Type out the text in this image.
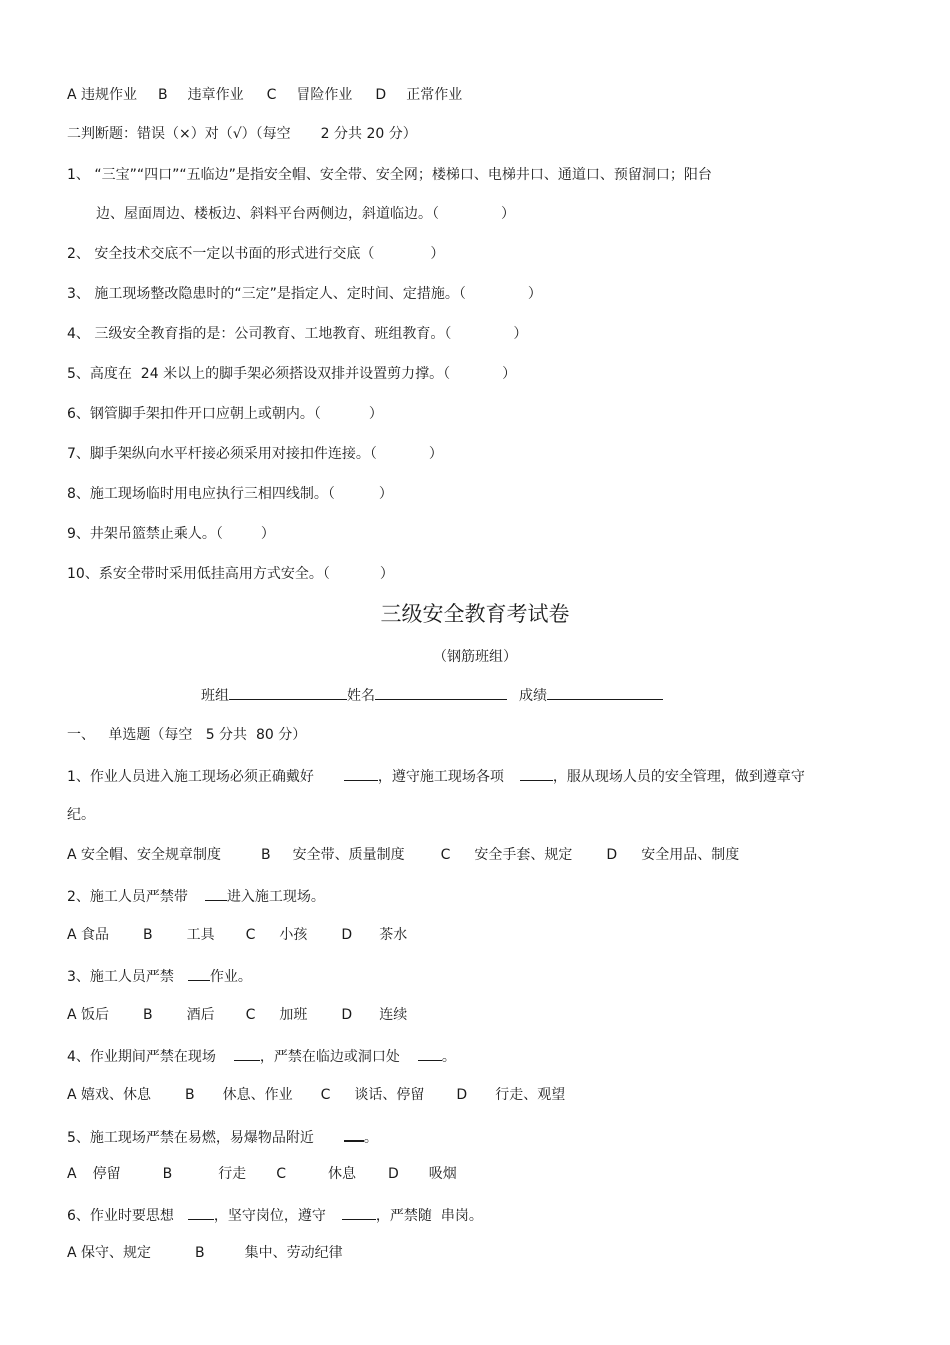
A 违规作业 B 违章作业 C 冒险作业 D 正常作业
二判断题：错误（×）对（√）（每空 2 分共 20 分）
1、 “三宝”“四口”“五临边”是指安全帽、安全带、安全网；楼梯口、电梯井口、通道口、预留洞口；阳台
边、屋面周边、楼板边、斜料平台两侧边，斜道临边。（	）
2、 安全技术交底不一定以书面的形式进行交底（	）
3、 施工现场整改隐患时的“三定”是指定人、定时间、定措施。（	）
4、 三级安全教育指的是：公司教育、工地教育、班组教育。（	）
5、高度在  24 米以上的脚手架必须搭设双排并设置剪力撑。（	）
6、钢管脚手架扣件开口应朝上或朝内。（	）
7、脚手架纵向水平杆接必须采用对接扣件连接。（	）
8、施工现场临时用电应执行三相四线制。（	）
9、井架吊篮禁止乘人。（	）
10、系安全带时采用低挂高用方式安全。（	）
三级安全教育考试卷
（钢筋班组）
班组	姓名	成绩
一、   单选题（每空   5 分共  80 分）
1、作业人员进入施工现场必须正确戴好	，遵守施工现场各项	，服从现场人员的安全管理，做到遵章守
纪。
A 安全帽、安全规章制度	B 安全带、质量制度	C 安全手套、规定 D 安全用品、制度
2、施工人员严禁带	进入施工现场。
A 食品 B 工具 C 小孩 D 茶水
3、施工人员严禁	作业。
A 饭后 B 酒后 C 加班 D 连续
4、作业期间严禁在现场	，严禁在临边或洞口处	。
A 嬉戏、休息 B 休息、作业 C 谈话、停留 D 行走、观望
5、施工现场严禁在易燃，易爆物品附近	。
A 停留	B	行走 C	休息 D 吸烟
6、作业时要思想	，坚守岗位，遵守	，严禁随  串岗。
A 保守、规定	B	集中、劳动纪律
